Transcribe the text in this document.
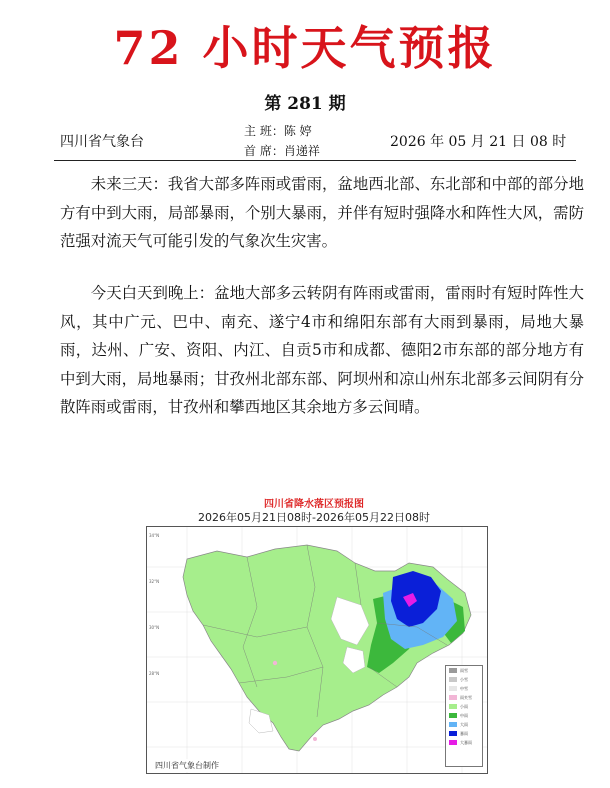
72 小时天气预报
第 281 期
四川省气象台
主 班：陈 婷
首 席：肖递祥
2026 年 05 月 21 日 08 时

未来三天：我省大部多阵雨或雷雨，盆地西北部、东北部和中部的部分地方有中到大雨，局部暴雨，个别大暴雨，并伴有短时强降水和阵性大风，需防范强对流天气可能引发的气象次生灾害。

今天白天到晚上：盆地大部多云转阴有阵雨或雷雨，雷雨时有短时阵性大风，其中广元、巴中、南充、遂宁4市和绵阳东部有大雨到暴雨，局地大暴雨，达州、广安、资阳、内江、自贡5市和成都、德阳2市东部的部分地方有中到大雨，局地暴雨；甘孜州北部东部、阿坝州和凉山州东北部多云间阴有分散阵雨或雷雨，甘孜州和攀西地区其余地方多云间晴。

四川省降水落区预报图
2026年05月21日08时-2026年05月22日08时
34°N
32°N
30°N
28°N
雨雪
小雪
中雪
雨夹雪
小雨
中雨
大雨
暴雨
大暴雨
四川省气象台制作
